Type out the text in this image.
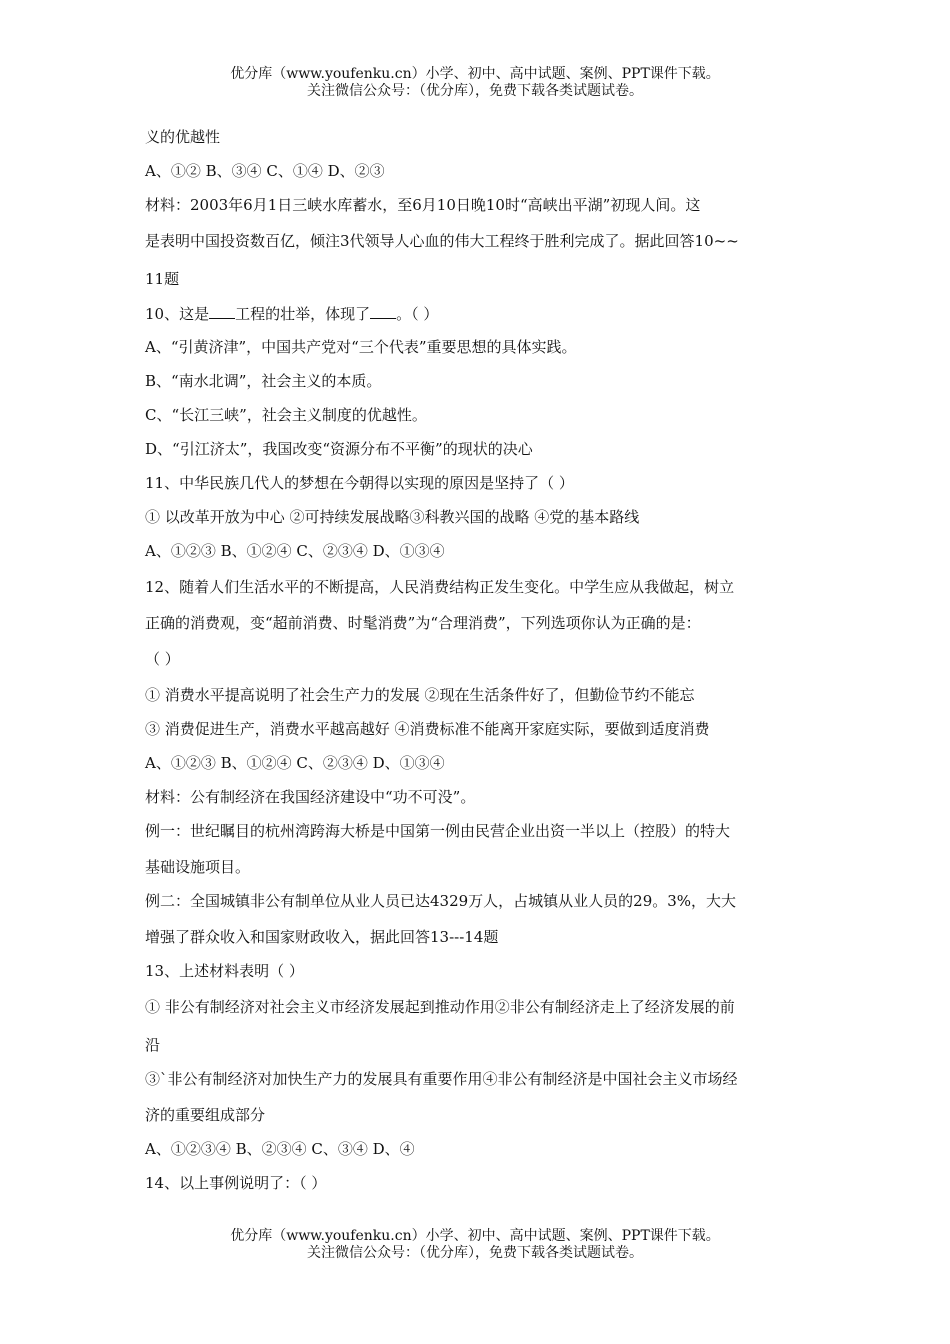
优分库（www.youfenku.cn）小学、初中、高中试题、案例、PPT课件下载。
关注微信公众号：（优分库），免费下载各类试题试卷。
义的优越性
A、①② B、③④ C、①④ D、②③
材料：2003年6月1日三峡水库蓄水，至6月10日晚10时“高峡出平湖”初现人间。这
是表明中国投资数百亿，倾注3代领导人心血的伟大工程终于胜利完成了。据此回答10~~
11题
10、这是 工程的壮举，体现了 。（ ）
A、“引黄济津”，中国共产党对“三个代表”重要思想的具体实践。
B、“南水北调”，社会主义的本质。
C、“长江三峡”，社会主义制度的优越性。
D、“引江济太”，我国改变“资源分布不平衡”的现状的决心
11、中华民族几代人的梦想在今朝得以实现的原因是坚持了（ ）
① 以改革开放为中心 ②可持续发展战略③科教兴国的战略 ④党的基本路线
A、①②③ B、①②④ C、②③④ D、①③④
12、随着人们生活水平的不断提高，人民消费结构正发生变化。中学生应从我做起，树立
正确的消费观，变“超前消费、时髦消费”为“合理消费”，下列选项你认为正确的是：
（ ）
① 消费水平提高说明了社会生产力的发展 ②现在生活条件好了，但勤俭节约不能忘
③ 消费促进生产，消费水平越高越好 ④消费标准不能离开家庭实际，要做到适度消费
A、①②③ B、①②④ C、②③④ D、①③④
材料：公有制经济在我国经济建设中“功不可没”。
例一：世纪瞩目的杭州湾跨海大桥是中国第一例由民营企业出资一半以上（控股）的特大
基础设施项目。
例二：全国城镇非公有制单位从业人员已达4329万人，占城镇从业人员的29。3%，大大
增强了群众收入和国家财政收入，据此回答13---14题
13、上述材料表明（ ）
① 非公有制经济对社会主义市经济发展起到推动作用②非公有制经济走上了经济发展的前
沿
③`非公有制经济对加快生产力的发展具有重要作用④非公有制经济是中国社会主义市场经
济的重要组成部分
A、①②③④ B、②③④ C、③④ D、④
14、以上事例说明了：（ ）
优分库（www.youfenku.cn）小学、初中、高中试题、案例、PPT课件下载。
关注微信公众号：（优分库），免费下载各类试题试卷。
